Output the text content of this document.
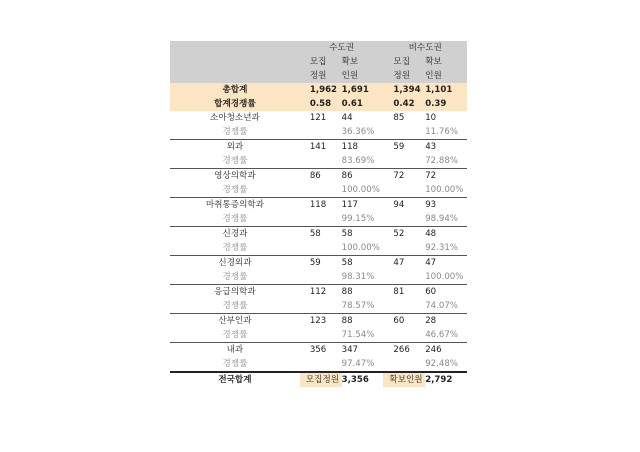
	수도권		비수도권	
	모집	확보	모집	확보
	정원	인원	정원	인원
총합계	1,962	1,691	1,394	1,101
합계경쟁률	0.58	0.61	0.42	0.39
소아청소년과	121	44	85	10
경쟁률		36.36%		11.76%
외과	141	118	59	43
경쟁률		83.69%		72.88%
영상의학과	86	86	72	72
경쟁률		100.00%		100.00%
마취통증의학과	118	117	94	93
경쟁률		99.15%		98.94%
신경과	58	58	52	48
경쟁률		100.00%		92.31%
신경외과	59	58	47	47
경쟁률		98.31%		100.00%
응급의학과	112	88	81	60
경쟁률		78.57%		74.07%
산부인과	123	88	60	28
경쟁률		71.54%		46.67%
내과	356	347	266	246
경쟁률		97.47%		92.48%
전국합계	모집정원	3,356	확보인원	2,792
